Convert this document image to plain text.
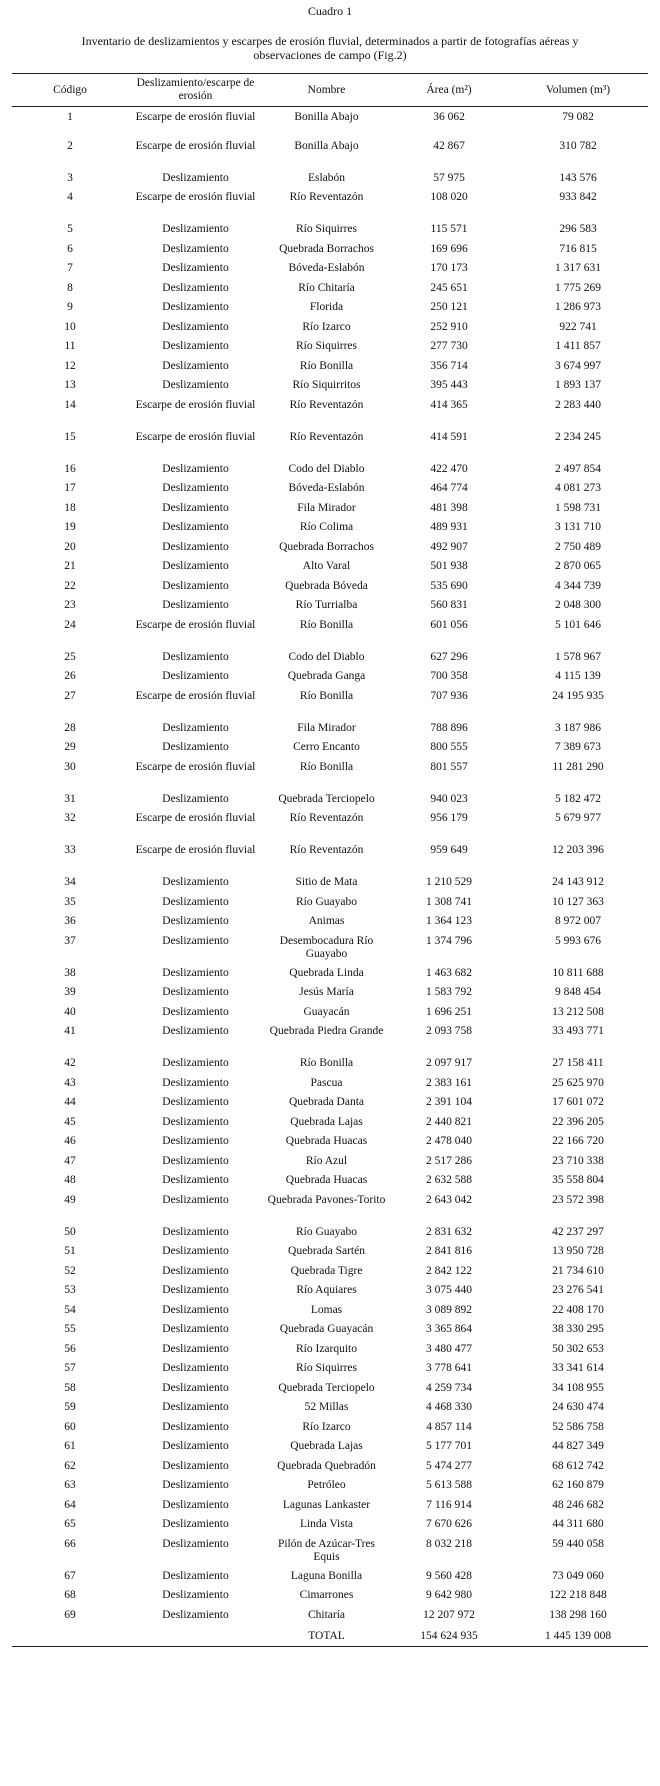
Cuadro 1
Inventario de deslizamientos y escarpes de erosión fluvial, determinados a partir de fotografías aéreas y observaciones de campo (Fig.2)
Código	Deslizamiento/escarpe de erosión	Nombre	Área (m²)	Volumen (m³)
1	Escarpe de erosión fluvial	Bonilla Abajo	36 062	79 082
2	Escarpe de erosión fluvial	Bonilla Abajo	42 867	310 782
3	Deslizamiento	Eslabón	57 975	143 576
4	Escarpe de erosión fluvial	Río Reventazón	108 020	933 842
5	Deslizamiento	Río Siquirres	115 571	296 583
6	Deslizamiento	Quebrada Borrachos	169 696	716 815
7	Deslizamiento	Bóveda-Eslabón	170 173	1 317 631
8	Deslizamiento	Río Chitaría	245 651	1 775 269
9	Deslizamiento	Florida	250 121	1 286 973
10	Deslizamiento	Río Izarco	252 910	922 741
11	Deslizamiento	Río Siquirres	277 730	1 411 857
12	Deslizamiento	Río Bonilla	356 714	3 674 997
13	Deslizamiento	Río Siquirritos	395 443	1 893 137
14	Escarpe de erosión fluvial	Río Reventazón	414 365	2 283 440
15	Escarpe de erosión fluvial	Río Reventazón	414 591	2 234 245
16	Deslizamiento	Codo del Diablo	422 470	2 497 854
17	Deslizamiento	Bóveda-Eslabón	464 774	4 081 273
18	Deslizamiento	Fila Mirador	481 398	1 598 731
19	Deslizamiento	Río Colima	489 931	3 131 710
20	Deslizamiento	Quebrada Borrachos	492 907	2 750 489
21	Deslizamiento	Alto Varal	501 938	2 870 065
22	Deslizamiento	Quebrada Bóveda	535 690	4 344 739
23	Deslizamiento	Río Turrialba	560 831	2 048 300
24	Escarpe de erosión fluvial	Río Bonilla	601 056	5 101 646
25	Deslizamiento	Codo del Diablo	627 296	1 578 967
26	Deslizamiento	Quebrada Ganga	700 358	4 115 139
27	Escarpe de erosión fluvial	Río Bonilla	707 936	24 195 935
28	Deslizamiento	Fila Mirador	788 896	3 187 986
29	Deslizamiento	Cerro Encanto	800 555	7 389 673
30	Escarpe de erosión fluvial	Río Bonilla	801 557	11 281 290
31	Deslizamiento	Quebrada Terciopelo	940 023	5 182 472
32	Escarpe de erosión fluvial	Río Reventazón	956 179	5 679 977
33	Escarpe de erosión fluvial	Río Reventazón	959 649	12 203 396
34	Deslizamiento	Sitio de Mata	1 210 529	24 143 912
35	Deslizamiento	Río Guayabo	1 308 741	10 127 363
36	Deslizamiento	Animas	1 364 123	8 972 007
37	Deslizamiento	Desembocadura Río Guayabo	1 374 796	5 993 676
38	Deslizamiento	Quebrada Linda	1 463 682	10 811 688
39	Deslizamiento	Jesús María	1 583 792	9 848 454
40	Deslizamiento	Guayacán	1 696 251	13 212 508
41	Deslizamiento	Quebrada Piedra Grande	2 093 758	33 493 771
42	Deslizamiento	Río Bonilla	2 097 917	27 158 411
43	Deslizamiento	Pascua	2 383 161	25 625 970
44	Deslizamiento	Quebrada Danta	2 391 104	17 601 072
45	Deslizamiento	Quebrada Lajas	2 440 821	22 396 205
46	Deslizamiento	Quebrada Huacas	2 478 040	22 166 720
47	Deslizamiento	Río Azul	2 517 286	23 710 338
48	Deslizamiento	Quebrada Huacas	2 632 588	35 558 804
49	Deslizamiento	Quebrada Pavones-Torito	2 643 042	23 572 398
50	Deslizamiento	Río Guayabo	2 831 632	42 237 297
51	Deslizamiento	Quebrada Sartén	2 841 816	13 950 728
52	Deslizamiento	Quebrada Tigre	2 842 122	21 734 610
53	Deslizamiento	Río Aquiares	3 075 440	23 276 541
54	Deslizamiento	Lomas	3 089 892	22 408 170
55	Deslizamiento	Quebrada Guayacán	3 365 864	38 330 295
56	Deslizamiento	Río Izarquito	3 480 477	50 302 653
57	Deslizamiento	Río Siquirres	3 778 641	33 341 614
58	Deslizamiento	Quebrada Terciopelo	4 259 734	34 108 955
59	Deslizamiento	52 Millas	4 468 330	24 630 474
60	Deslizamiento	Río Izarco	4 857 114	52 586 758
61	Deslizamiento	Quebrada Lajas	5 177 701	44 827 349
62	Deslizamiento	Quebrada Quebradón	5 474 277	68 612 742
63	Deslizamiento	Petróleo	5 613 588	62 160 879
64	Deslizamiento	Lagunas Lankaster	7 116 914	48 246 682
65	Deslizamiento	Linda Vista	7 670 626	44 311 680
66	Deslizamiento	Pilón de Azúcar-Tres Equis	8 032 218	59 440 058
67	Deslizamiento	Laguna Bonilla	9 560 428	73 049 060
68	Deslizamiento	Cimarrones	9 642 980	122 218 848
69	Deslizamiento	Chitaría	12 207 972	138 298 160
		TOTAL	154 624 935	1 445 139 008
